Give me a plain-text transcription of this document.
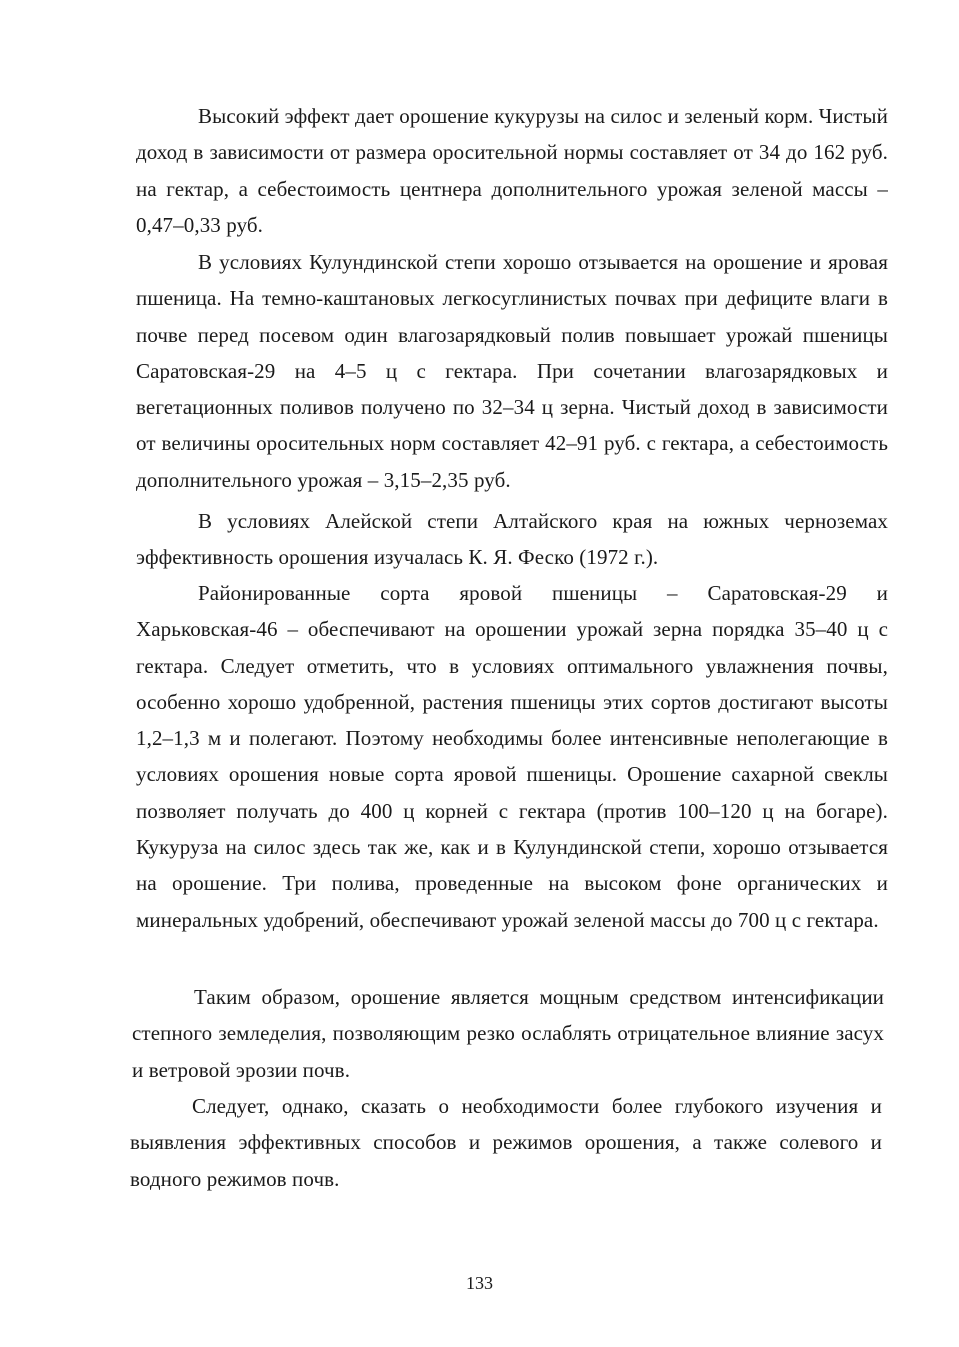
Высокий эффект дает орошение кукурузы на силос и зеленый корм. Чистый доход в зависимости от размера оросительной нормы составляет от 34 до 162 руб. на гектар, а себестоимость центнера дополнительного урожая зеленой массы – 0,47–0,33 руб.

В условиях Кулундинской степи хорошо отзывается на орошение и яровая пшеница. На темно-каштановых легкосуглинистых почвах при дефиците влаги в почве перед посевом один влагозарядковый полив повышает урожай пшеницы Саратовская-29 на 4–5 ц с гектара. При сочетании влагозарядковых и вегетационных поливов получено по 32–34 ц зерна. Чистый доход в зависимости от величины оросительных норм составляет 42–91 руб. с гектара, а себестоимость дополнительного урожая – 3,15–2,35 руб.

В условиях Алейской степи Алтайского края на южных черноземах эффективность орошения изучалась К. Я. Феско (1972 г.).

Районированные сорта яровой пшеницы – Саратовская-29 и Харьковская-46 – обеспечивают на орошении урожай зерна порядка 35–40 ц с гектара. Следует отметить, что в условиях оптимального увлажнения почвы, особенно хорошо удобренной, растения пшеницы этих сортов достигают высоты 1,2–1,3 м и полегают. Поэтому необходимы более интенсивные неполегающие в условиях орошения новые сорта яровой пшеницы. Орошение сахарной свеклы позволяет получать до 400 ц корней с гектара (против 100–120 ц на богаре). Кукуруза на силос здесь так же, как и в Кулундинской степи, хорошо отзывается на орошение. Три полива, проведенные на высоком фоне органических и минеральных удобрений, обеспечивают урожай зеленой массы до 700 ц с гектара.

Таким образом, орошение является мощным средством интенсификации степного земледелия, позволяющим резко ослаблять отрицательное влияние засух и ветровой эрозии почв.

Следует, однако, сказать о необходимости более глубокого изучения и выявления эффективных способов и режимов орошения, а также солевого и водного режимов почв.

133
